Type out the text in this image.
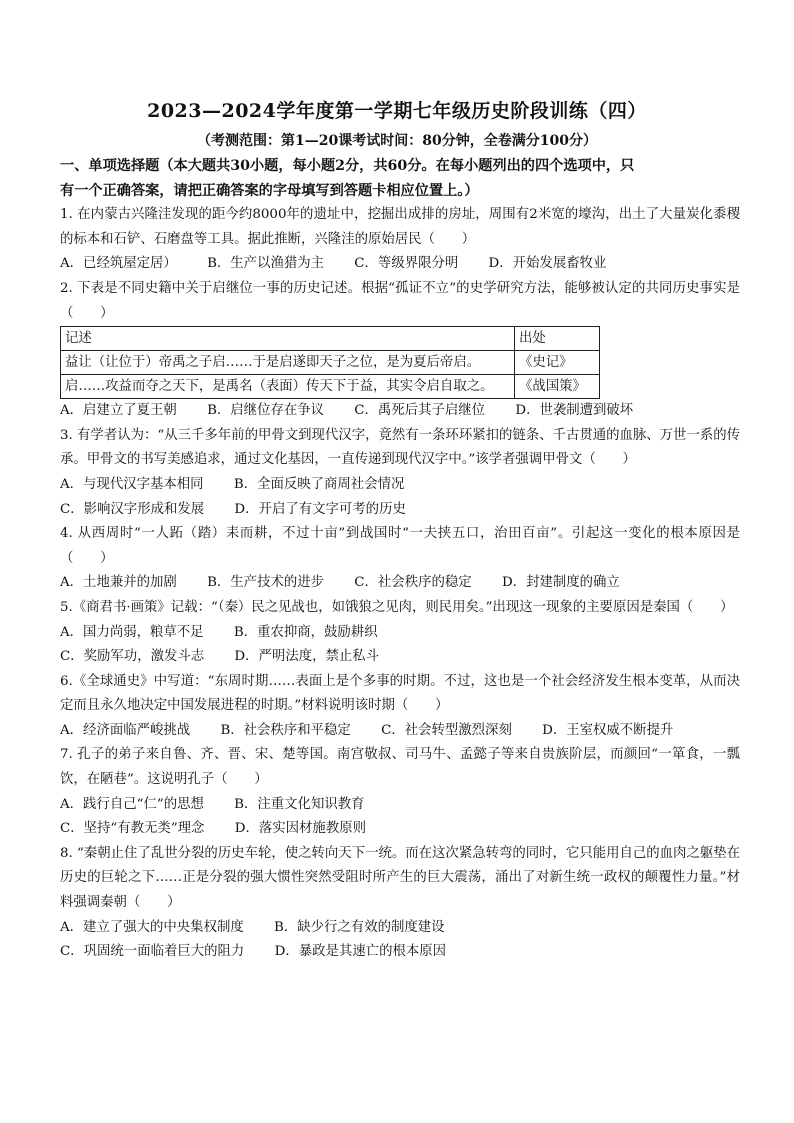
2023—2024学年度第一学期七年级历史阶段训练（四）
（考测范围：第1—20课考试时间：80分钟，全卷满分100分）
一、单项选择题（本大题共30小题，每小题2分，共60分。在每小题列出的四个选项中，只
有一个正确答案，请把正确答案的字母填写到答题卡相应位置上。）
1. 在内蒙古兴隆洼发现的距今约8000年的遗址中，挖掘出成排的房址，周围有2米宽的壕沟，出土了大量炭化黍稷的标本和石铲、石磨盘等工具。据此推断，兴隆洼的原始居民（　　）
A．已经筑屋定居） B．生产以渔猎为主 C．等级界限分明 D．开始发展畜牧业
2. 下表是不同史籍中关于启继位一事的历史记述。根据“孤证不立”的史学研究方法，能够被认定的共同历史事实是（　　）
记述	出处
益让（让位于）帝禹之子启……于是启遂即天子之位，是为夏后帝启。	《史记》
启……攻益而夺之天下，是禹名（表面）传天下于益，其实令启自取之。	《战国策》
A．启建立了夏王朝 B．启继位存在争议 C．禹死后其子启继位 D．世袭制遭到破坏
3. 有学者认为：“从三千多年前的甲骨文到现代汉字，竟然有一条环环紧扣的链条、千古贯通的血脉、万世一系的传承。甲骨文的书写美感追求，通过文化基因，一直传递到现代汉字中。”该学者强调甲骨文（　　）
A．与现代汉字基本相同 B．全面反映了商周社会情况
C．影响汉字形成和发展 D．开启了有文字可考的历史
4. 从西周时“一人跖（踏）耒而耕，不过十亩”到战国时“一夫挟五口，治田百亩”。引起这一变化的根本原因是（　　）
A．土地兼并的加剧 B．生产技术的进步 C．社会秩序的稳定 D．封建制度的确立
5.《商君书·画策》记载：“（秦）民之见战也，如饿狼之见肉，则民用矣。”出现这一现象的主要原因是秦国（　　）
A．国力尚弱，粮草不足 B．重农抑商，鼓励耕织
C．奖励军功，激发斗志 D．严明法度，禁止私斗
6.《全球通史》中写道：“东周时期……表面上是个多事的时期。不过，这也是一个社会经济发生根本变革，从而决定而且永久地决定中国发展进程的时期。”材料说明该时期（　　）
A．经济面临严峻挑战 B．社会秩序和平稳定 C．社会转型激烈深刻 D．王室权威不断提升
7. 孔子的弟子来自鲁、齐、晋、宋、楚等国。南宫敬叔、司马牛、孟懿子等来自贵族阶层，而颜回“一箪食，一瓢饮，在陋巷”。这说明孔子（　　）
A．践行自己“仁”的思想 B．注重文化知识教育
C．坚持“有教无类”理念 D．落实因材施教原则
8. “秦朝止住了乱世分裂的历史车轮，使之转向天下一统。而在这次紧急转弯的同时，它只能用自己的血肉之躯垫在历史的巨轮之下……正是分裂的强大惯性突然受阻时所产生的巨大震荡，涌出了对新生统一政权的颠覆性力量。”材料强调秦朝（　　）
A．建立了强大的中央集权制度 B．缺少行之有效的制度建设
C．巩固统一面临着巨大的阻力 D．暴政是其速亡的根本原因
